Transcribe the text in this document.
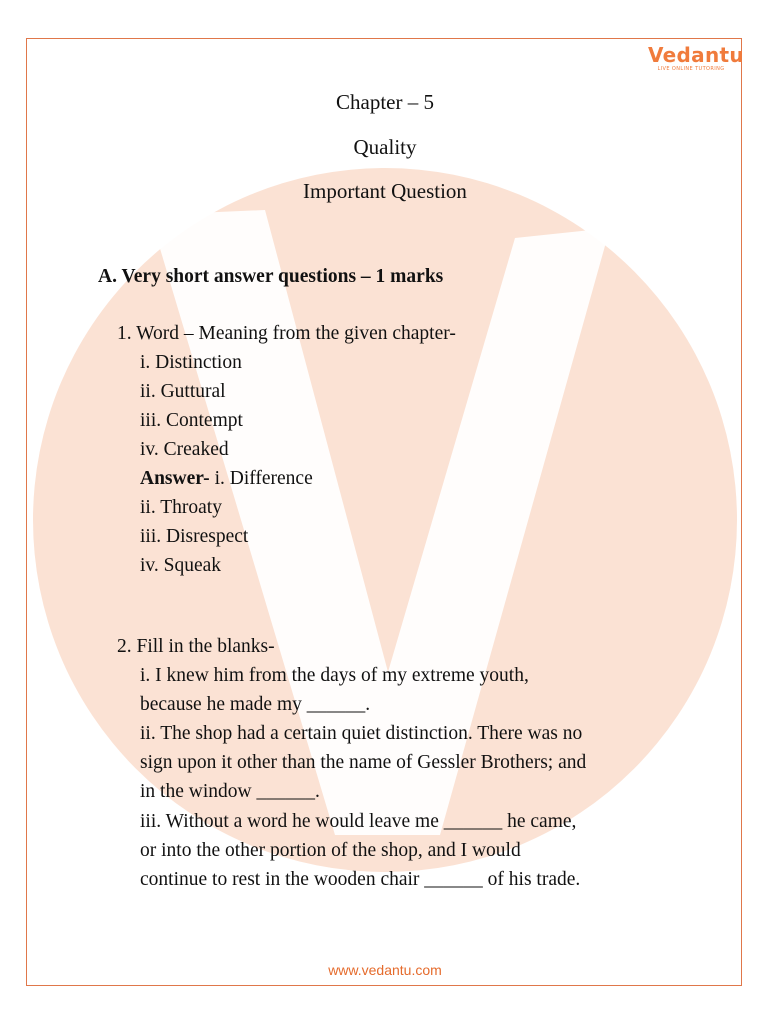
Vedantu
LIVE ONLINE TUTORING
Chapter – 5
Quality
Important Question
A. Very short answer questions – 1 marks
1. Word – Meaning from the given chapter-
i. Distinction
ii. Guttural
iii. Contempt
iv. Creaked
Answer- i. Difference
ii. Throaty
iii. Disrespect
iv. Squeak
2. Fill in the blanks-
i. I knew him from the days of my extreme youth,
because he made my ______.
ii. The shop had a certain quiet distinction. There was no
sign upon it other than the name of Gessler Brothers; and
in the window ______.
iii. Without a word he would leave me ______ he came,
or into the other portion of the shop, and I would
continue to rest in the wooden chair ______ of his trade.
www.vedantu.com
